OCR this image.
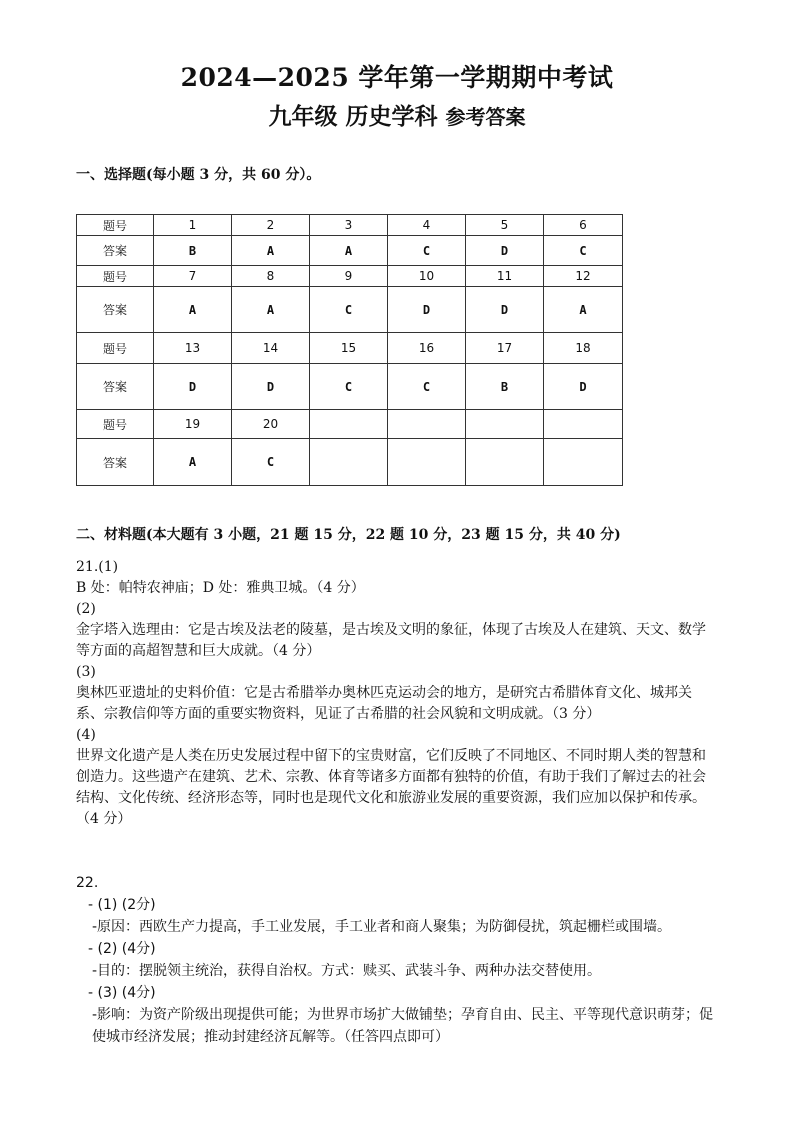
2024—2025 学年第一学期期中考试
九年级 历史学科 参考答案
一、选择题(每小题 3 分，共 60 分）。
题号	1	2	3	4	5	6
答案	B	A	A	C	D	C
题号	7	8	9	10	11	12
答案	A	A	C	D	D	A
题号	13	14	15	16	17	18
答案	D	D	C	C	B	D
题号	19	20				
答案	A	C				
二、材料题(本大题有 3 小题，21 题 15 分，22 题 10 分，23 题 15 分，共 40 分)
21.(1)
B 处：帕特农神庙；D 处：雅典卫城。（4 分）
(2)
金字塔入选理由：它是古埃及法老的陵墓，是古埃及文明的象征，体现了古埃及人在建筑、天文、数学等方面的高超智慧和巨大成就。（4 分）
(3)
奥林匹亚遗址的史料价值：它是古希腊举办奥林匹克运动会的地方，是研究古希腊体育文化、城邦关系、宗教信仰等方面的重要实物资料，见证了古希腊的社会风貌和文明成就。（3 分）
(4)
世界文化遗产是人类在历史发展过程中留下的宝贵财富，它们反映了不同地区、不同时期人类的智慧和创造力。这些遗产在建筑、艺术、宗教、体育等诸多方面都有独特的价值，有助于我们了解过去的社会结构、文化传统、经济形态等，同时也是现代文化和旅游业发展的重要资源，我们应加以保护和传承。（4 分）
22.
- (1) (2分)
-原因：西欧生产力提高，手工业发展，手工业者和商人聚集；为防御侵扰，筑起栅栏或围墙。
- (2) (4分)
-目的：摆脱领主统治，获得自治权。方式：赎买、武装斗争、两种办法交替使用。
- (3) (4分)
-影响：为资产阶级出现提供可能；为世界市场扩大做铺垫；孕育自由、民主、平等现代意识萌芽；促使城市经济发展；推动封建经济瓦解等。（任答四点即可）
